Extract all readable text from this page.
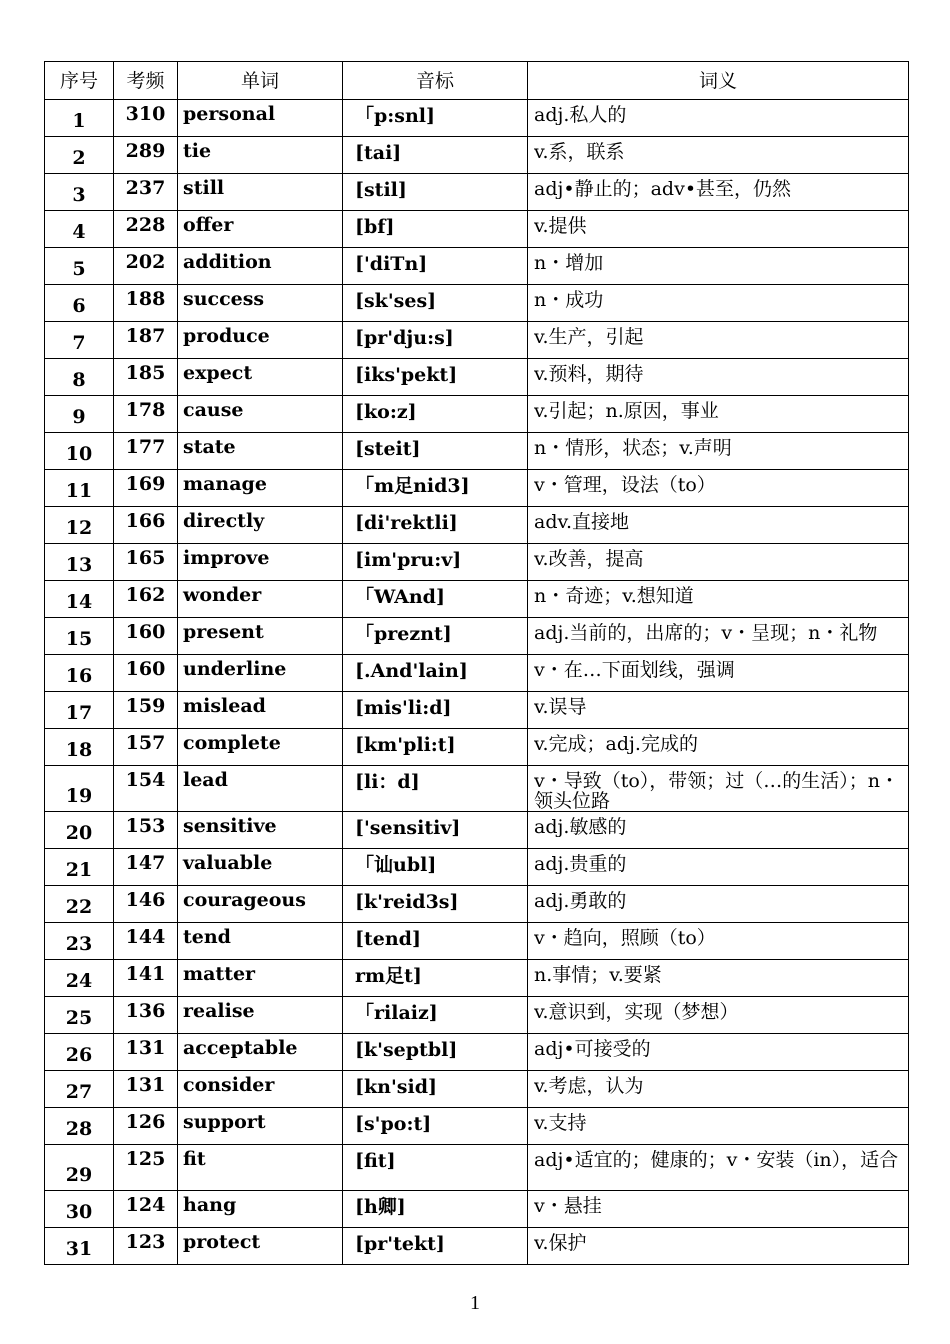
序号	考频	单词	音标	词义
1	310	personal	「p:snl]	adj.私人的

2	289	tie	[tai]	v.系，联系

3	237	still	[stil]	adj•静止的；adv•甚至，仍然

4	228	offer	[bf]	v.提供

5	202	addition	['diTn]	n・增加

6	188	success	[sk'ses]	n・成功

7	187	produce	[pr'dju:s]	v.生产，引起

8	185	expect	[iks'pekt]	v.预料，期待

9	178	cause	[ko:z]	v.引起；n.原因，事业

10	177	state	[steit]	n・情形，状态；v.声明

11	169	manage	「m足nid3]	v・管理，设法（to）

12	166	directly	[di'rektli]	adv.直接地

13	165	improve	[im'pru:v]	v.改善，提高

14	162	wonder	「WAnd]	n・奇迹；v.想知道

15	160	present	「preznt]	adj.当前的，出席的；v・呈现；n・礼物

16	160	underline	[.And'lain]	v・在…下面划线，强调

17	159	mislead	[mis'li:d]	v.误导

18	157	complete	[km'pli:t]	v.完成；adj.完成的

19	154	lead	[li：d]	v・导致（to），带领；过（…的生活）；n・领头位路

20	153	sensitive	['sensitiv]	adj.敏感的

21	147	valuable	「讪ubl]	adj.贵重的

22	146	courageous	[k'reid3s]	adj.勇敢的

23	144	tend	[tend]	v・趋向，照顾（to）

24	141	matter	rm足t]	n.事情；v.要紧

25	136	realise	「rilaiz]	v.意识到，实现（梦想）

26	131	acceptable	[k'septbl]	adj•可接受的

27	131	consider	[kn'sid]	v.考虑，认为

28	126	support	[s'po:t]	v.支持

29	125	fit	[fit]	adj•适宜的；健康的；v・安装（in），适合

30	124	hang	[h卿]	v・悬挂

31	123	protect	[pr'tekt]	v.保护
1
